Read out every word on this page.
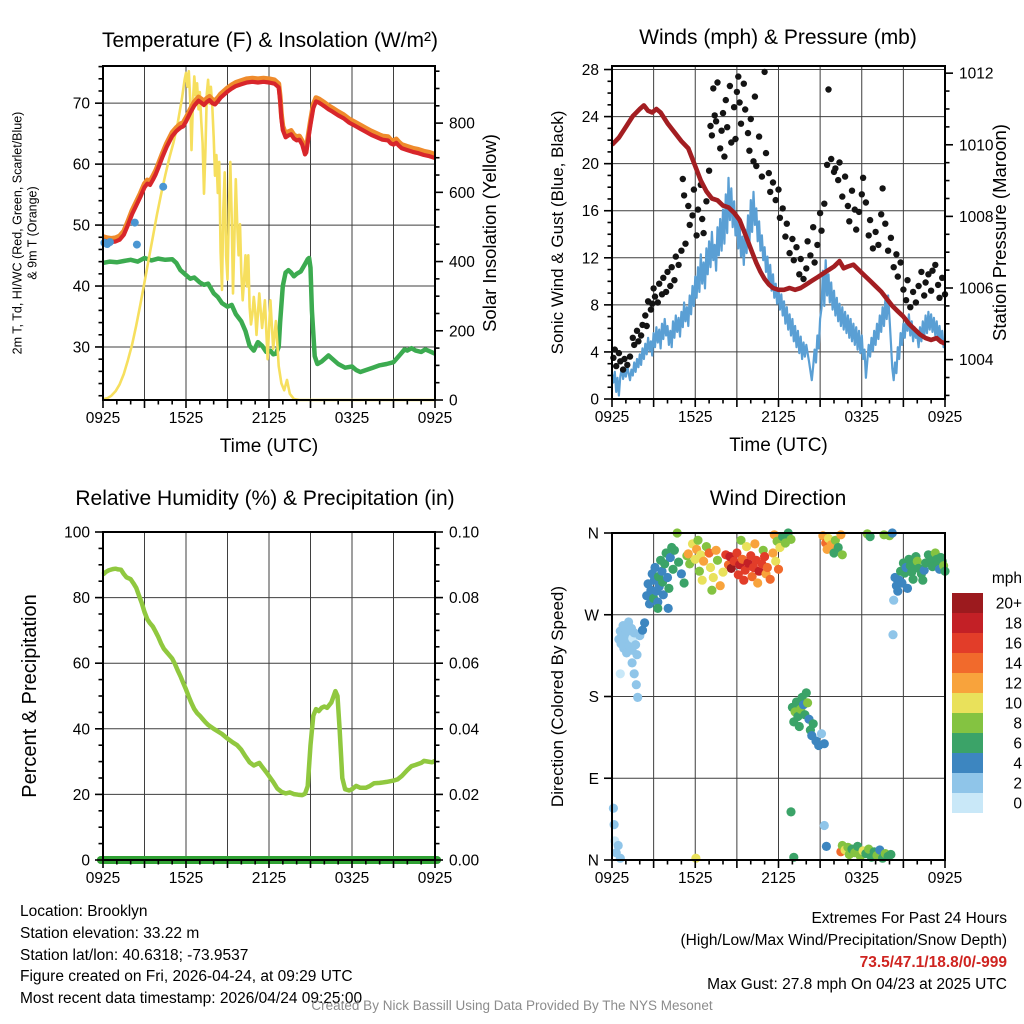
30
40
50
60
70
0
200
400
600
800
0925	1525	2125	0325	0925
Temperature (F) & Insolation (W/m²)
Time (UTC)
2m T, Td, HI/WC (Red, Green, Scarlet/Blue) & 9m T (Orange)	Solar Insolation (Yellow)
0
4
8
12
16
20
24
28
1004
1006
1008
1010
1012
0925	1525	2125	0325	0925
Winds (mph) & Pressure (mb)
Time (UTC)
Sonic Wind & Gust (Blue, Black)	Station Pressure (Maroon)
0
20
40
60
80
100
0.00
0.02
0.04
0.06
0.08
0.10
0925	1525	2125	0325	0925
Relative Humidity (%) & Precipitation (in)
Percent & Precipitation
N
E
S
W
N
0925	1525	2125	0325	0925
Wind Direction
Direction (Colored By Speed)
mph
20+
18
16
14
12
10
8
6
4
2
0
Location: Brooklyn
Station elevation: 33.22 m
Station lat/lon: 40.6318; -73.9537
Figure created on Fri, 2026-04-24, at 09:29 UTC
Most recent data timestamp: 2026/04/24 09:25:00
Extremes For Past 24 Hours
(High/Low/Max Wind/Precipitation/Snow Depth)
73.5/47.1/18.8/0/-999
Max Gust: 27.8 mph On 04/23 at 2025 UTC
Created By Nick Bassill Using Data Provided By The NYS Mesonet
